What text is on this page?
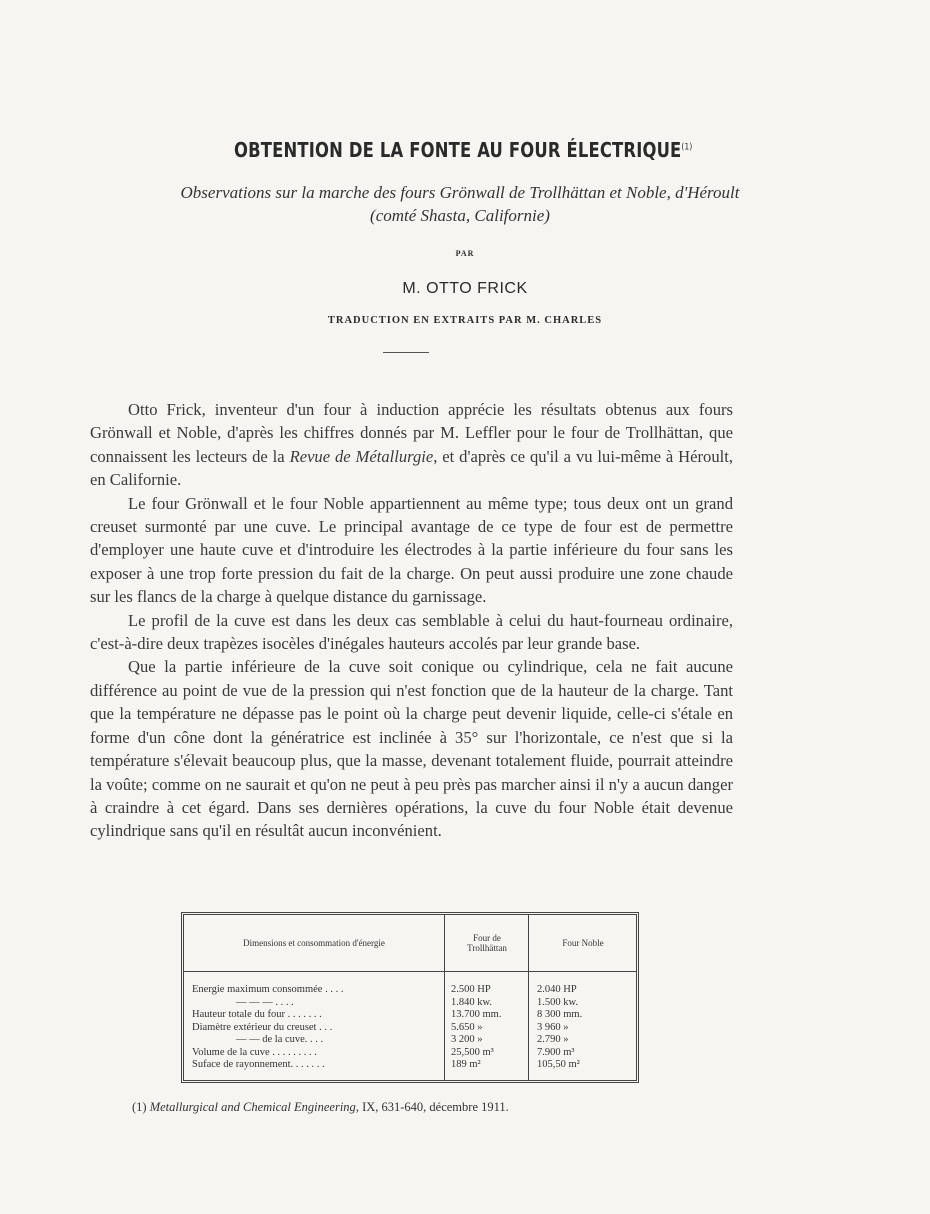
OBTENTION DE LA FONTE AU FOUR ÉLECTRIQUE$^{(1)}$
Observations sur la marche des fours Grönwall de Trollhättan et Noble, d'Héroult
(comté Shasta, Californie)
PAR
M. OTTO FRICK
TRADUCTION EN EXTRAITS PAR M. CHARLES

Otto Frick, inventeur d'un four à induction apprécie les résultats obtenus aux fours Grönwall et Noble, d'après les chiffres donnés par M. Leffler pour le four de Trollhättan, que connaissent les lecteurs de la Revue de Métallurgie, et d'après ce qu'il a vu lui-même à Héroult, en Californie.

Le four Grönwall et le four Noble appartiennent au même type; tous deux ont un grand creuset surmonté par une cuve. Le principal avantage de ce type de four est de permettre d'employer une haute cuve et d'introduire les électrodes à la partie inférieure du four sans les exposer à une trop forte pression du fait de la charge. On peut aussi produire une zone chaude sur les flancs de la charge à quelque distance du garnissage.

Le profil de la cuve est dans les deux cas semblable à celui du haut-fourneau ordinaire, c'est-à-dire deux trapèzes isocèles d'inégales hauteurs accolés par leur grande base.

Que la partie inférieure de la cuve soit conique ou cylindrique, cela ne fait aucune différence au point de vue de la pression qui n'est fonction que de la hauteur de la charge. Tant que la température ne dépasse pas le point où la charge peut devenir liquide, celle-ci s'étale en forme d'un cône dont la génératrice est inclinée à 35° sur l'horizontale, ce n'est que si la température s'élevait beaucoup plus, que la masse, devenant totalement fluide, pourrait atteindre la voûte; comme on ne saurait et qu'on ne peut à peu près pas marcher ainsi il n'y a aucun danger à craindre à cet égard. Dans ses dernières opérations, la cuve du four Noble était devenue cylindrique sans qu'il en résultât aucun inconvénient.

Dimensions et consommation d'énergie
Energie maximum consommée . . . .
— — — . . . .
Hauteur totale du four . . . . . . .
Diamètre extérieur du creuset . . .
— — de la cuve. . . .
Volume de la cuve . . . . . . . . .
Suface de rayonnement. . . . . . .
Four de Trollhättan
2.500 HP
1.840 kw.
13.700 mm.
5.650 »
3 200 »
25,500 m³
189 m²
Four Noble
2.040 HP
1.500 kw.
8 300 mm.
3 960 »
2.790 »
7.900 m³
105,50 m²
(1) Metallurgical and Chemical Engineering, IX, 631-640, décembre 1911.
